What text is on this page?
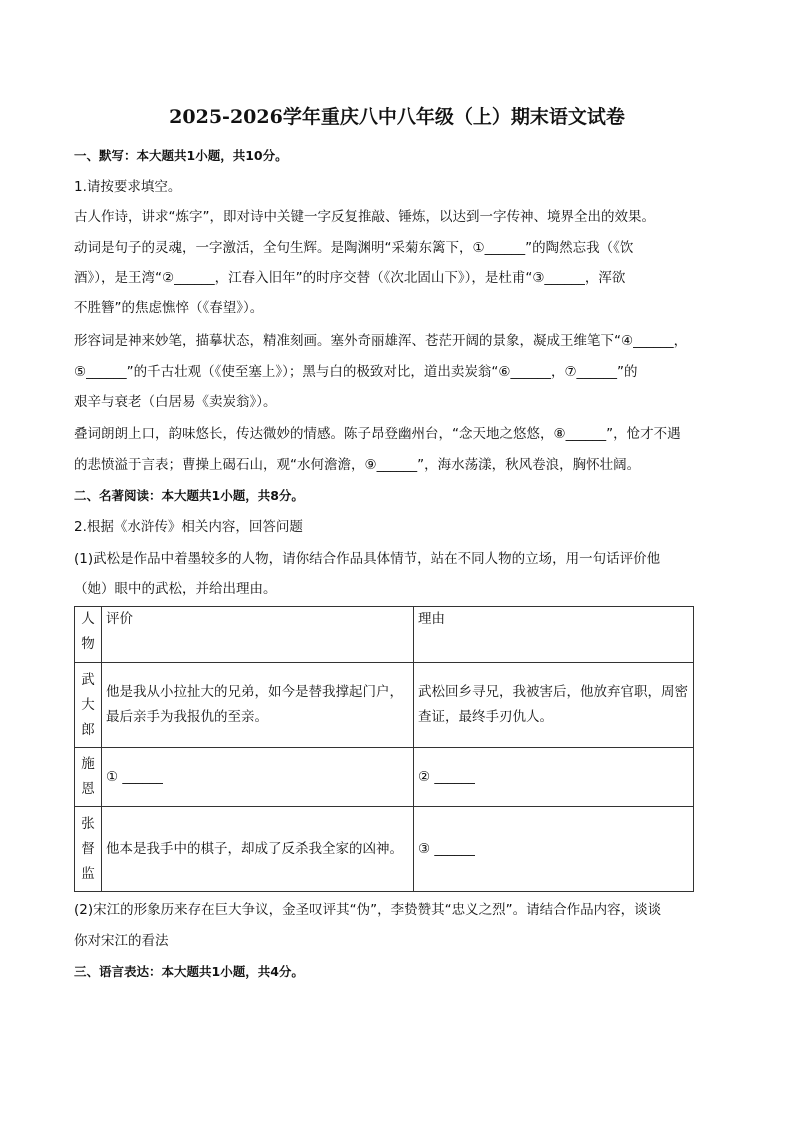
2025-2026学年重庆八中八年级（上）期末语文试卷
一、默写：本大题共1小题，共10分。
1.请按要求填空。
古人作诗，讲求“炼字”，即对诗中关键一字反复推敲、锤炼，以达到一字传神、境界全出的效果。
动词是句子的灵魂，一字激活，全句生辉。是陶渊明“采菊东篱下，①______”的陶然忘我（《饮
酒》），是王湾“②______，江春入旧年”的时序交替（《次北固山下》），是杜甫“③______，浑欲
不胜簪”的焦虑憔悴（《春望》）。
形容词是神来妙笔，描摹状态，精准刻画。塞外奇丽雄浑、苍茫开阔的景象，凝成王维笔下“④______，
⑤______”的千古壮观（《使至塞上》）；黑与白的极致对比，道出卖炭翁“⑥______，⑦______”的
艰辛与衰老（白居易《卖炭翁》）。
叠词朗朗上口，韵味悠长，传达微妙的情感。陈子昂登幽州台，“念天地之悠悠，⑧______”，怆才不遇
的悲愤溢于言表；曹操上碣石山，观“水何澹澹，⑨______”，海水荡漾，秋风卷浪，胸怀壮阔。
二、名著阅读：本大题共1小题，共8分。
2.根据《水浒传》相关内容，回答问题
(1)武松是作品中着墨较多的人物，请你结合作品具体情节，站在不同人物的立场，用一句话评价他
（她）眼中的武松，并给出理由。
人
物	评价	理由

武
大
郎	他是我从小拉扯大的兄弟，如今是替我撑起门户，最后亲手为我报仇的至亲。	武松回乡寻兄，我被害后，他放弃官职，周密查证，最终手刃仇人。

施
恩	① ______	② ______

张
督
监	他本是我手中的棋子，却成了反杀我全家的凶神。	③ ______
(2)宋江的形象历来存在巨大争议，金圣叹评其“伪”，李贽赞其“忠义之烈”。请结合作品内容，谈谈
你对宋江的看法
三、语言表达：本大题共1小题，共4分。
